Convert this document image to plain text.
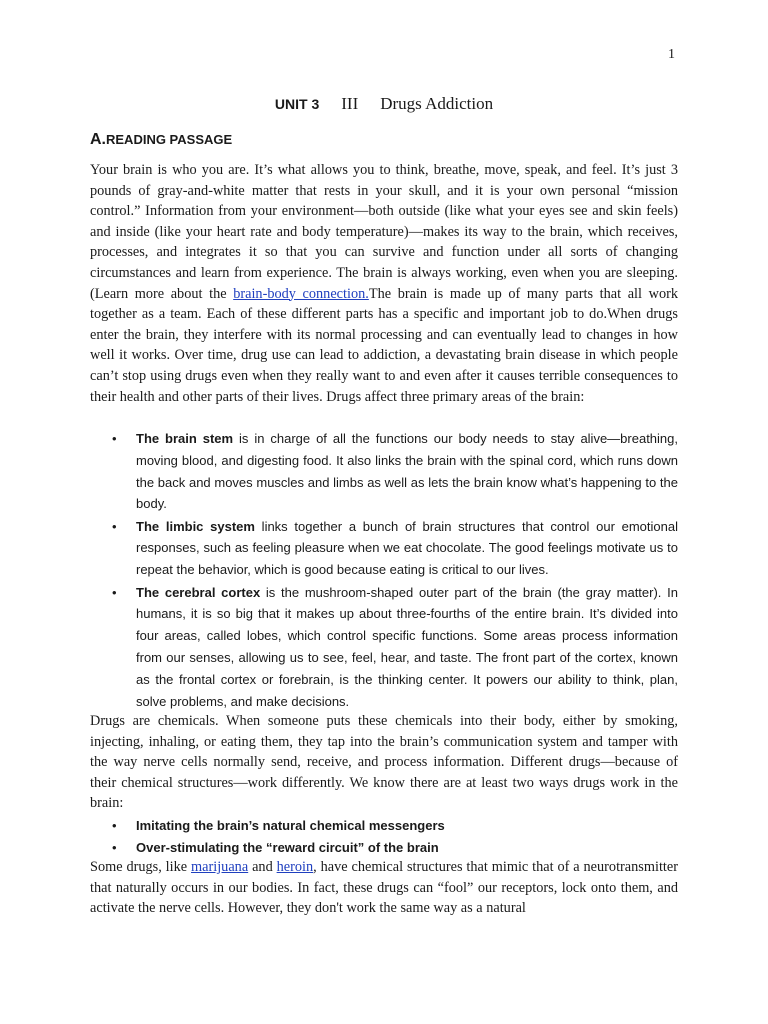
1
UNIT 3 III Drugs Addiction
A.READING PASSAGE

Your brain is who you are. It’s what allows you to think, breathe, move, speak, and feel. It’s just 3 pounds of gray-and-white matter that rests in your skull, and it is your own personal “mission control.” Information from your environment—both outside (like what your eyes see and skin feels) and inside (like your heart rate and body temperature)—makes its way to the brain, which receives, processes, and integrates it so that you can survive and function under all sorts of changing circumstances and learn from experience. The brain is always working, even when you are sleeping. (Learn more about the brain-body connection.The brain is made up of many parts that all work together as a team. Each of these different parts has a specific and important job to do.When drugs enter the brain, they interfere with its normal processing and can eventually lead to changes in how well it works. Over time, drug use can lead to addiction, a devastating brain disease in which people can’t stop using drugs even when they really want to and even after it causes terrible consequences to their health and other parts of their lives. Drugs affect three primary areas of the brain:

• The brain stem is in charge of all the functions our body needs to stay alive—breathing, moving blood, and digesting food. It also links the brain with the spinal cord, which runs down the back and moves muscles and limbs as well as lets the brain know what’s happening to the body.
• The limbic system links together a bunch of brain structures that control our emotional responses, such as feeling pleasure when we eat chocolate. The good feelings motivate us to repeat the behavior, which is good because eating is critical to our lives.
• The cerebral cortex is the mushroom-shaped outer part of the brain (the gray matter). In humans, it is so big that it makes up about three-fourths of the entire brain. It’s divided into four areas, called lobes, which control specific functions. Some areas process information from our senses, allowing us to see, feel, hear, and taste. The front part of the cortex, known as the frontal cortex or forebrain, is the thinking center. It powers our ability to think, plan, solve problems, and make decisions.

Drugs are chemicals. When someone puts these chemicals into their body, either by smoking, injecting, inhaling, or eating them, they tap into the brain’s communication system and tamper with the way nerve cells normally send, receive, and process information. Different drugs—because of their chemical structures—work differently. We know there are at least two ways drugs work in the brain:

• Imitating the brain’s natural chemical messengers
• Over-stimulating the “reward circuit” of the brain

Some drugs, like marijuana and heroin, have chemical structures that mimic that of a neurotransmitter that naturally occurs in our bodies. In fact, these drugs can “fool” our receptors, lock onto them, and activate the nerve cells. However, they don't work the same way as a natural
